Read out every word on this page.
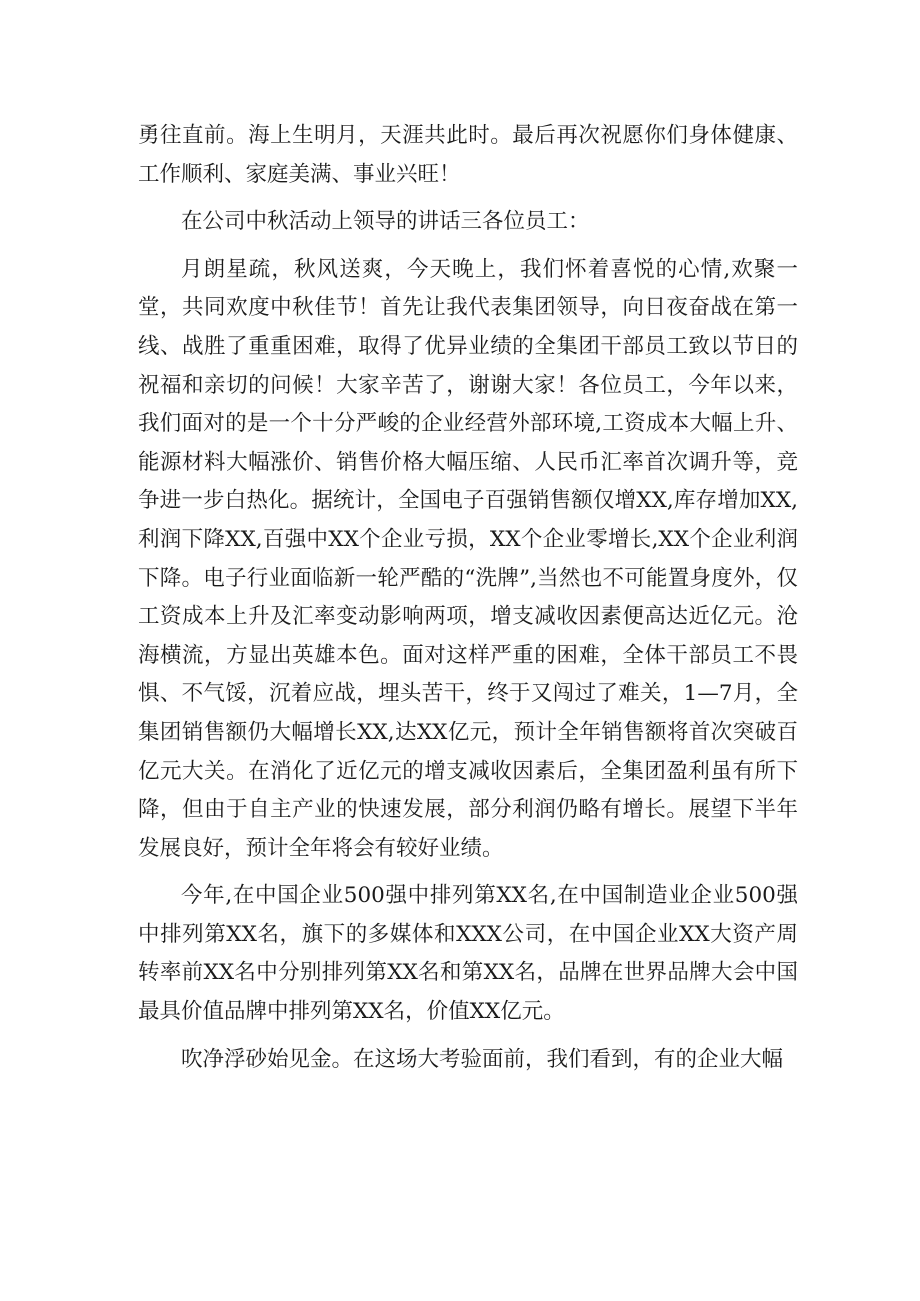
勇往直前。海上生明月，天涯共此时。最后再次祝愿你们身体健康、工作顺利、家庭美满、事业兴旺！

在公司中秋活动上领导的讲话三各位员工：

月朗星疏，秋风送爽，今天晚上，我们怀着喜悦的心情,欢聚一堂，共同欢度中秋佳节！首先让我代表集团领导，向日夜奋战在第一线、战胜了重重困难，取得了优异业绩的全集团干部员工致以节日的祝福和亲切的问候！大家辛苦了，谢谢大家！各位员工，今年以来，我们面对的是一个十分严峻的企业经营外部环境,工资成本大幅上升、能源材料大幅涨价、销售价格大幅压缩、人民币汇率首次调升等，竞争进一步白热化。据统计，全国电子百强销售额仅增XX,库存增加XX,利润下降XX,百强中XX个企业亏损，XX个企业零增长,XX个企业利润下降。电子行业面临新一轮严酷的“洗牌”,当然也不可能置身度外，仅工资成本上升及汇率变动影响两项，增支减收因素便高达近亿元。沧海横流，方显出英雄本色。面对这样严重的困难，全体干部员工不畏惧、不气馁，沉着应战，埋头苦干，终于又闯过了难关，1—7月，全集团销售额仍大幅增长XX,达XX亿元，预计全年销售额将首次突破百亿元大关。在消化了近亿元的增支减收因素后，全集团盈利虽有所下降，但由于自主产业的快速发展，部分利润仍略有增长。展望下半年发展良好，预计全年将会有较好业绩。

今年,在中国企业500强中排列第XX名,在中国制造业企业500强中排列第XX名，旗下的多媒体和XXX公司，在中国企业XX大资产周转率前XX名中分别排列第XX名和第XX名，品牌在世界品牌大会中国最具价值品牌中排列第XX名，价值XX亿元。

吹净浮砂始见金。在这场大考验面前，我们看到，有的企业大幅
